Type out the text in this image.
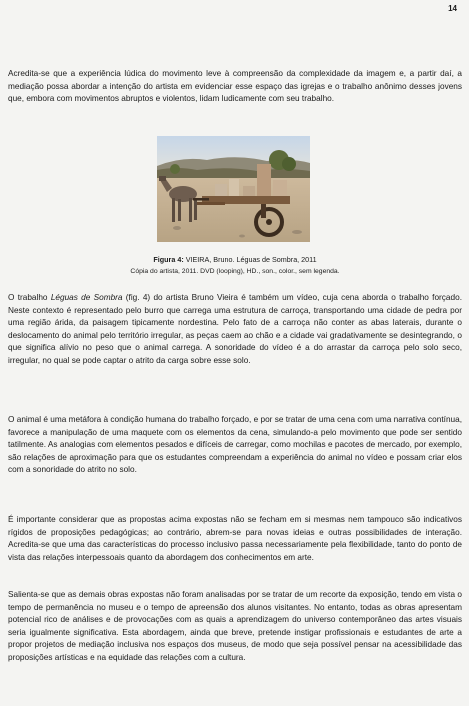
14

Acredita-se que a experiência lúdica do movimento leve à compreensão da complexidade da imagem e, a partir daí, a mediação possa abordar a intenção do artista em evidenciar esse espaço das igrejas e o trabalho anônimo desses jovens que, embora com movimentos abruptos e violentos, lidam ludicamente com seu trabalho.

Figura 4: VIEIRA, Bruno. Léguas de Sombra, 2011
Cópia do artista, 2011. DVD (looping), HD., son., color., sem legenda.

O trabalho Léguas de Sombra (fig. 4) do artista Bruno Vieira é também um vídeo, cuja cena aborda o trabalho forçado. Neste contexto é representado pelo burro que carrega uma estrutura de carroça, transportando uma cidade de pedra por uma região árida, da paisagem tipicamente nordestina. Pelo fato de a carroça não conter as abas laterais, durante o deslocamento do animal pelo território irregular, as peças caem ao chão e a cidade vai gradativamente se desintegrando, o que significa alívio no peso que o animal carrega. A sonoridade do vídeo é a do arrastar da carroça pelo solo seco, irregular, no qual se pode captar o atrito da carga sobre esse solo.

O animal é uma metáfora à condição humana do trabalho forçado, e por se tratar de uma cena com uma narrativa contínua, favorece a manipulação de uma maquete com os elementos da cena, simulando-a pelo movimento que pode ser sentido tatilmente. As analogias com elementos pesados e difíceis de carregar, como mochilas e pacotes de mercado, por exemplo, são relações de aproximação para que os estudantes compreendam a experiência do animal no vídeo e possam criar elos com a sonoridade do atrito no solo.

É importante considerar que as propostas acima expostas não se fecham em si mesmas nem tampouco são indicativos rígidos de proposições pedagógicas; ao contrário, abrem-se para novas ideias e outras possibilidades de interação. Acredita-se que uma das características do processo inclusivo passa necessariamente pela flexibilidade, tanto do ponto de vista das relações interpessoais quanto da abordagem dos conhecimentos em arte.

Salienta-se que as demais obras expostas não foram analisadas por se tratar de um recorte da exposição, tendo em vista o tempo de permanência no museu e o tempo de apreensão dos alunos visitantes. No entanto, todas as obras apresentam potencial rico de análises e de provocações com as quais a aprendizagem do universo contemporâneo das artes visuais seria igualmente significativa. Esta abordagem, ainda que breve, pretende instigar profissionais e estudantes de arte a propor projetos de mediação inclusiva nos espaços dos museus, de modo que seja possível pensar na acessibilidade das proposições artísticas e na equidade das relações com a cultura.
